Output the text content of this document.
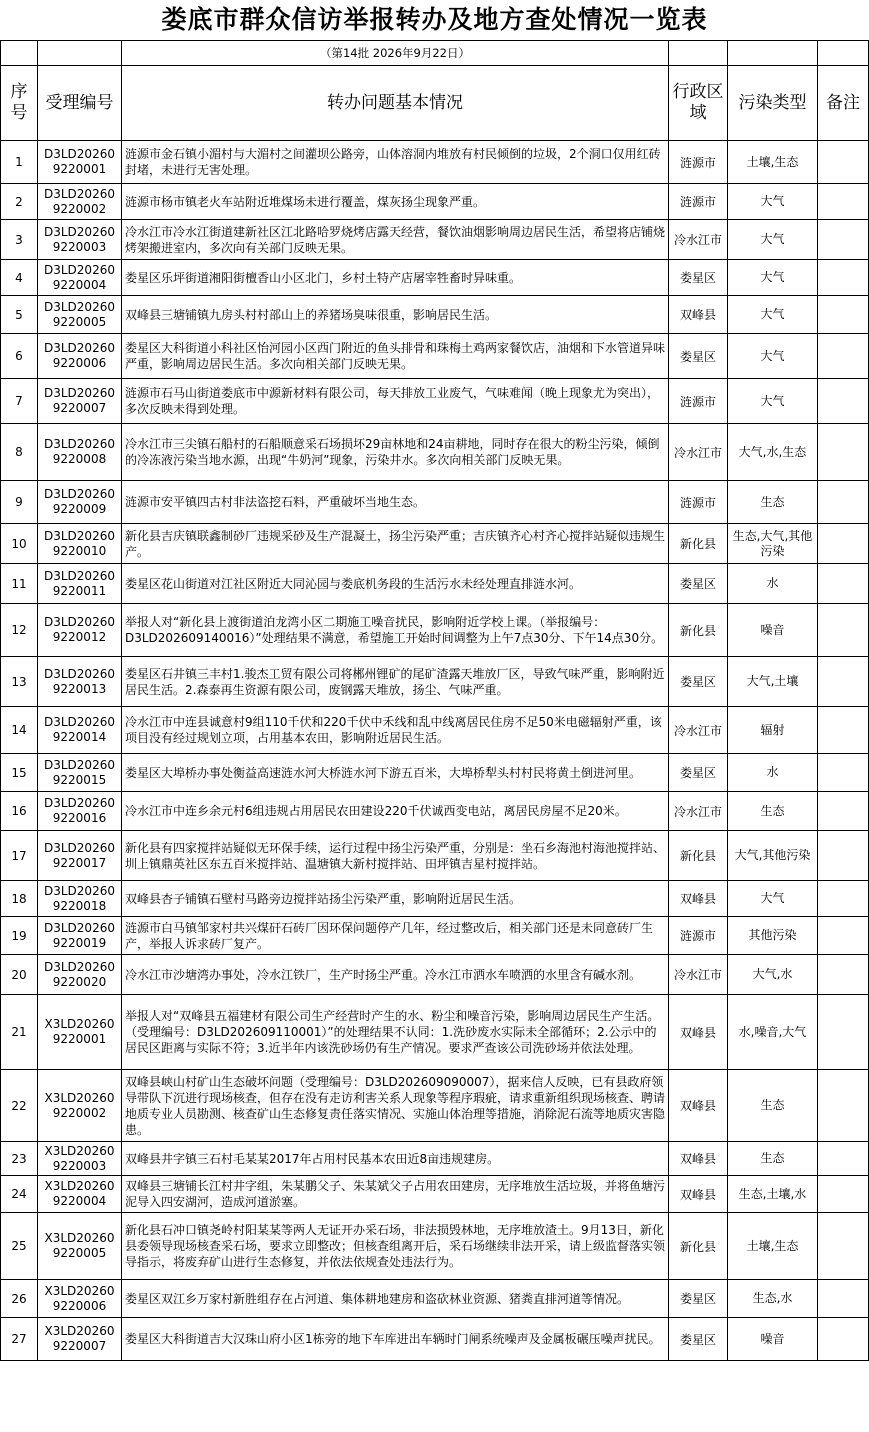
娄底市群众信访举报转办及地方查处情况一览表
		（第14批 2026年9月22日）			
序号	受理编号	转办问题基本情况	行政区域	污染类型	备注
1	D3LD202609220001	涟源市金石镇小湄村与大湄村之间灌坝公路旁，山体溶洞内堆放有村民倾倒的垃圾，2个洞口仅用红砖封堵，未进行无害处理。	涟源市	土壤,生态	
2	D3LD202609220002	涟源市杨市镇老火车站附近堆煤场未进行覆盖，煤灰扬尘现象严重。	涟源市	大气	
3	D3LD202609220003	冷水江市冷水江街道建新社区江北路哈罗烧烤店露天经营，餐饮油烟影响周边居民生活，希望将店铺烧烤架搬进室内，多次向有关部门反映无果。	冷水江市	大气	
4	D3LD202609220004	娄星区乐坪街道湘阳街檀香山小区北门，乡村土特产店屠宰牲畜时异味重。	娄星区	大气	
5	D3LD202609220005	双峰县三塘铺镇九房头村村部山上的养猪场臭味很重，影响居民生活。	双峰县	大气	
6	D3LD202609220006	娄星区大科街道小科社区怡河园小区西门附近的鱼头排骨和珠梅土鸡两家餐饮店，油烟和下水管道异味严重，影响周边居民生活。多次向相关部门反映无果。	娄星区	大气	
7	D3LD202609220007	涟源市石马山街道娄底市中源新材料有限公司，每天排放工业废气，气味难闻（晚上现象尤为突出），多次反映未得到处理。	涟源市	大气	
8	D3LD202609220008	冷水江市三尖镇石船村的石船顺意采石场损坏29亩林地和24亩耕地，同时存在很大的粉尘污染，倾倒的冷冻液污染当地水源，出现“牛奶河”现象，污染井水。多次向相关部门反映无果。	冷水江市	大气,水,生态	
9	D3LD202609220009	涟源市安平镇四古村非法盗挖石料，严重破坏当地生态。	涟源市	生态	
10	D3LD202609220010	新化县吉庆镇联鑫制砂厂违规采砂及生产混凝土，扬尘污染严重；吉庆镇齐心村齐心搅拌站疑似违规生产。	新化县	生态,大气,其他污染	
11	D3LD202609220011	娄星区花山街道对江社区附近大同沁园与娄底机务段的生活污水未经处理直排涟水河。	娄星区	水	
12	D3LD202609220012	举报人对“新化县上渡街道泊龙湾小区二期施工噪音扰民，影响附近学校上课。（举报编号：D3LD202609140016）”处理结果不满意，希望施工开始时间调整为上午7点30分、下午14点30分。	新化县	噪音	
13	D3LD202609220013	娄星区石井镇三丰村1.骏杰工贸有限公司将郴州锂矿的尾矿渣露天堆放厂区，导致气味严重，影响附近居民生活。2.森泰再生资源有限公司，废钢露天堆放，扬尘、气味严重。	娄星区	大气,土壤	
14	D3LD202609220014	冷水江市中连县诚意村9组110千伏和220千伏中禾线和乱中线离居民住房不足50米电磁辐射严重，该项目没有经过规划立项，占用基本农田，影响附近居民生活。	冷水江市	辐射	
15	D3LD202609220015	娄星区大埠桥办事处衡益高速涟水河大桥涟水河下游五百米，大埠桥犁头村村民将黄土倒进河里。	娄星区	水	
16	D3LD202609220016	冷水江市中连乡余元村6组违规占用居民农田建设220千伏诚西变电站，离居民房屋不足20米。	冷水江市	生态	
17	D3LD202609220017	新化县有四家搅拌站疑似无环保手续，运行过程中扬尘污染严重，分别是：坐石乡海池村海池搅拌站、圳上镇鼎英社区东五百米搅拌站、温塘镇大新村搅拌站、田坪镇吉星村搅拌站。	新化县	大气,其他污染	
18	D3LD202609220018	双峰县杏子铺镇石壁村马路旁边搅拌站扬尘污染严重，影响附近居民生活。	双峰县	大气	
19	D3LD202609220019	涟源市白马镇邹家村共兴煤矸石砖厂因环保问题停产几年，经过整改后，相关部门还是未同意砖厂生产，举报人诉求砖厂复产。	涟源市	其他污染	
20	D3LD202609220020	冷水江市沙塘湾办事处，冷水江铁厂，生产时扬尘严重。冷水江市洒水车喷洒的水里含有碱水剂。	冷水江市	大气,水	
21	X3LD202609220001	举报人对“双峰县五福建材有限公司生产经营时产生的水、粉尘和噪音污染，影响周边居民生产生活。（受理编号：D3LD202609110001）”的处理结果不认同：1.洗砂废水实际未全部循环；2.公示中的居民区距离与实际不符；3.近半年内该洗砂场仍有生产情况。要求严查该公司洗砂场并依法处理。	双峰县	水,噪音,大气	
22	X3LD202609220002	双峰县峡山村矿山生态破坏问题（受理编号：D3LD202609090007），据来信人反映，已有县政府领导带队下沉进行现场核查，但存在没有走访利害关系人现象等程序瑕疵，请求重新组织现场核查、聘请地质专业人员勘测、核查矿山生态修复责任落实情况、实施山体治理等措施，消除泥石流等地质灾害隐患。	双峰县	生态	
23	X3LD202609220003	双峰县井字镇三石村毛某某2017年占用村民基本农田近8亩违规建房。	双峰县	生态	
24	X3LD202609220004	双峰县三塘铺长江村井字组，朱某鹏父子、朱某斌父子占用农田建房，无序堆放生活垃圾，并将鱼塘污泥导入四安湖河，造成河道淤塞。	双峰县	生态,土壤,水	
25	X3LD202609220005	新化县石冲口镇尧岭村阳某某等两人无证开办采石场，非法损毁林地，无序堆放渣土。9月13日，新化县委领导现场核查采石场，要求立即整改；但核查组离开后，采石场继续非法开采，请上级监督落实领导指示，将废弃矿山进行生态修复，并依法依规查处违法行为。	新化县	土壤,生态	
26	X3LD202609220006	娄星区双江乡万家村新胜组存在占河道、集体耕地建房和盗砍林业资源、猪粪直排河道等情况。	娄星区	生态,水	
27	X3LD202609220007	娄星区大科街道吉大汉珠山府小区1栋旁的地下车库进出车辆时门闸系统噪声及金属板碾压噪声扰民。	娄星区	噪音	
